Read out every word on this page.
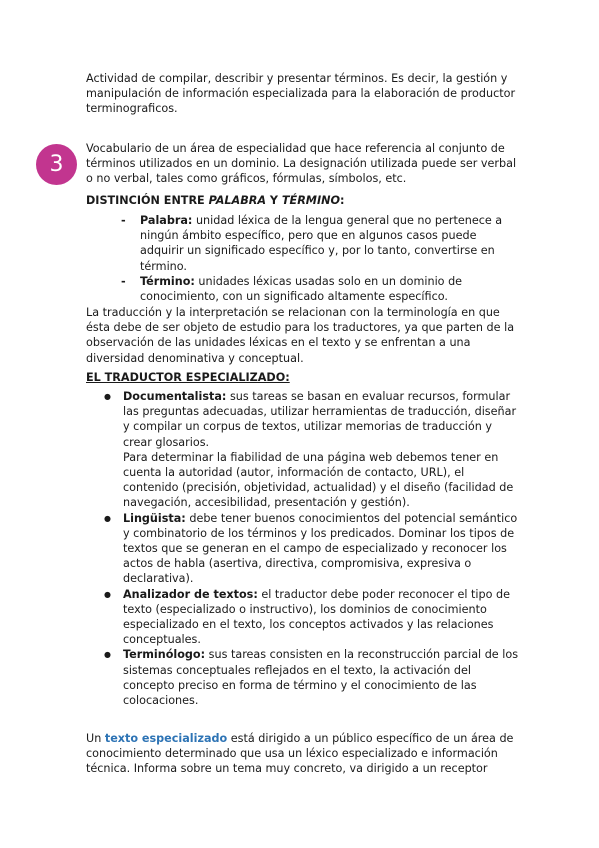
Actividad de compilar, describir y presentar términos. Es decir, la gestión y manipulación de información especializada para la elaboración de productor terminograficos.

3

Vocabulario de un área de especialidad que hace referencia al conjunto de términos utilizados en un dominio. La designación utilizada puede ser verbal o no verbal, tales como gráficos, fórmulas, símbolos, etc.

DISTINCIÓN ENTRE PALABRA Y TÉRMINO:

- Palabra: unidad léxica de la lengua general que no pertenece a ningún ámbito específico, pero que en algunos casos puede adquirir un significado específico y, por lo tanto, convertirse en término.
- Término: unidades léxicas usadas solo en un dominio de conocimiento, con un significado altamente específico.

La traducción y la interpretación se relacionan con la terminología en que ésta debe de ser objeto de estudio para los traductores, ya que parten de la observación de las unidades léxicas en el texto y se enfrentan a una diversidad denominativa y conceptual.

EL TRADUCTOR ESPECIALIZADO:

● Documentalista: sus tareas se basan en evaluar recursos, formular las preguntas adecuadas, utilizar herramientas de traducción, diseñar y compilar un corpus de textos, utilizar memorias de traducción y crear glosarios.
Para determinar la fiabilidad de una página web debemos tener en cuenta la autoridad (autor, información de contacto, URL), el contenido (precisión, objetividad, actualidad) y el diseño (facilidad de navegación, accesibilidad, presentación y gestión).
● Lingüista: debe tener buenos conocimientos del potencial semántico y combinatorio de los términos y los predicados. Dominar los tipos de textos que se generan en el campo de especializado y reconocer los actos de habla (asertiva, directiva, compromisiva, expresiva o declarativa).
● Analizador de textos: el traductor debe poder reconocer el tipo de texto (especializado o instructivo), los dominios de conocimiento especializado en el texto, los conceptos activados y las relaciones conceptuales.
● Terminólogo: sus tareas consisten en la reconstrucción parcial de los sistemas conceptuales reflejados en el texto, la activación del concepto preciso en forma de término y el conocimiento de las colocaciones.

Un texto especializado está dirigido a un público específico de un área de conocimiento determinado que usa un léxico especializado e información técnica. Informa sobre un tema muy concreto, va dirigido a un receptor
